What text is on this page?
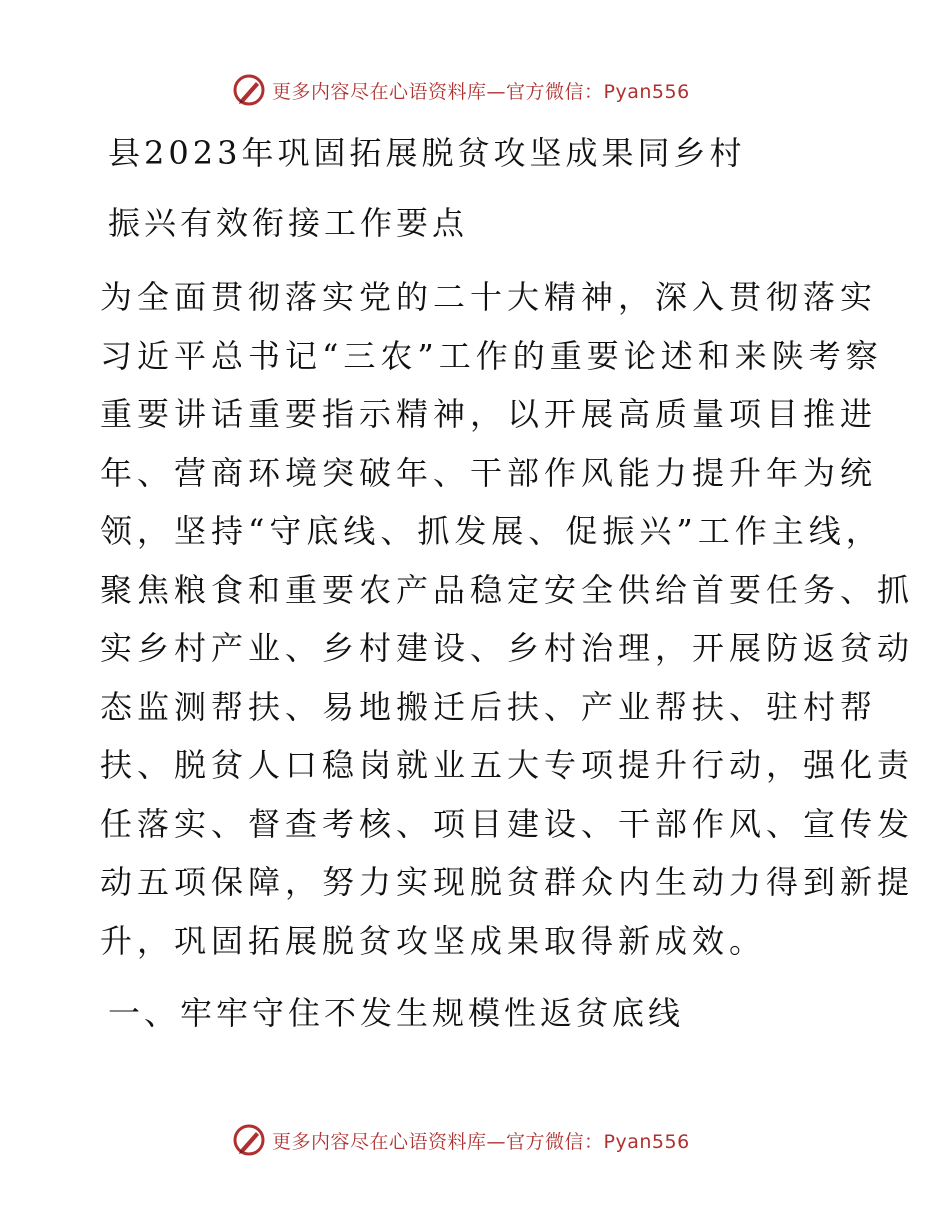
更多内容尽在心语资料库—官方微信：Pyan556
县2023年巩固拓展脱贫攻坚成果同乡村
振兴有效衔接工作要点
为全面贯彻落实党的二十大精神，深入贯彻落实
习近平总书记“三农”工作的重要论述和来陕考察
重要讲话重要指示精神，以开展高质量项目推进
年、营商环境突破年、干部作风能力提升年为统
领，坚持“守底线、抓发展、促振兴”工作主线，
聚焦粮食和重要农产品稳定安全供给首要任务、抓
实乡村产业、乡村建设、乡村治理，开展防返贫动
态监测帮扶、易地搬迁后扶、产业帮扶、驻村帮
扶、脱贫人口稳岗就业五大专项提升行动，强化责
任落实、督查考核、项目建设、干部作风、宣传发
动五项保障，努力实现脱贫群众内生动力得到新提
升，巩固拓展脱贫攻坚成果取得新成效。
一、牢牢守住不发生规模性返贫底线
更多内容尽在心语资料库—官方微信：Pyan556
